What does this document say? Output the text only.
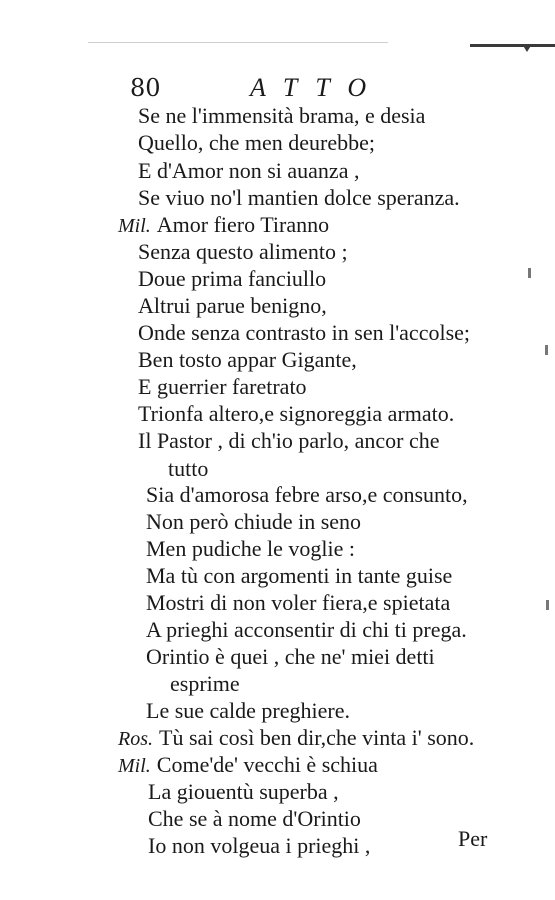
80	ATTO
Se ne l'immensità brama, e desia
Quello, che men deurebbe;
E d'Amor non si auanza ,
Se viuo no'l mantien dolce speranza.
Mil. Amor fiero Tiranno
Senza questo alimento ;
Doue prima fanciullo
Altrui parue benigno,
Onde senza contrasto in sen l'accolse;
Ben tosto appar Gigante,
E guerrier faretrato
Trionfa altero,e signoreggia armato.
Il Pastor , di ch'io parlo, ancor che
tutto
Sia d'amorosa febre arso,e consunto,
Non però chiude in seno
Men pudiche le voglie :
Ma tù con argomenti in tante guise
Mostri di non voler fiera,e spietata
A prieghi acconsentir di chi ti prega.
Orintio è quei , che ne' miei detti
esprime
Le sue calde preghiere.
Ros. Tù sai così ben dir,che vinta i' sono.
Mil. Come'de' vecchi è schiua
La giouentù superba ,
Che se à nome d'Orintio
Io non volgeua i prieghi ,	Per
